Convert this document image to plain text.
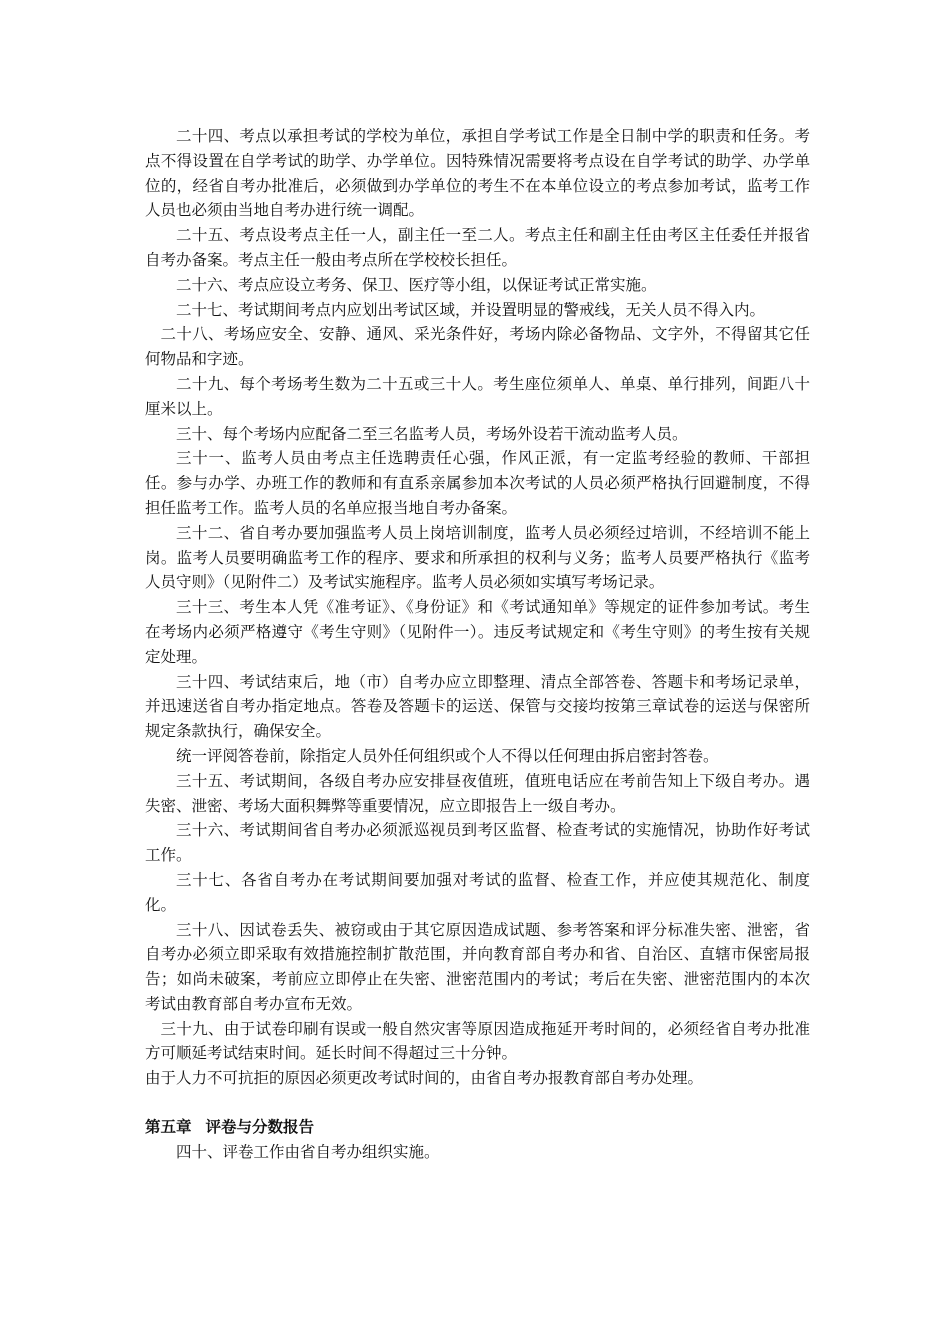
二十四、考点以承担考试的学校为单位，承担自学考试工作是全日制中学的职责和任务。考点不得设置在自学考试的助学、办学单位。因特殊情况需要将考点设在自学考试的助学、办学单位的，经省自考办批准后，必须做到办学单位的考生不在本单位设立的考点参加考试，监考工作人员也必须由当地自考办进行统一调配。

二十五、考点设考点主任一人，副主任一至二人。考点主任和副主任由考区主任委任并报省自考办备案。考点主任一般由考点所在学校校长担任。

二十六、考点应设立考务、保卫、医疗等小组，以保证考试正常实施。

二十七、考试期间考点内应划出考试区域，并设置明显的警戒线，无关人员不得入内。

二十八、考场应安全、安静、通风、采光条件好，考场内除必备物品、文字外，不得留其它任何物品和字迹。

二十九、每个考场考生数为二十五或三十人。考生座位须单人、单桌、单行排列，间距八十厘米以上。

三十、每个考场内应配备二至三名监考人员，考场外设若干流动监考人员。

三十一、监考人员由考点主任选聘责任心强，作风正派，有一定监考经验的教师、干部担任。参与办学、办班工作的教师和有直系亲属参加本次考试的人员必须严格执行回避制度，不得担任监考工作。监考人员的名单应报当地自考办备案。

三十二、省自考办要加强监考人员上岗培训制度，监考人员必须经过培训，不经培训不能上岗。监考人员要明确监考工作的程序、要求和所承担的权利与义务；监考人员要严格执行《监考人员守则》（见附件二）及考试实施程序。监考人员必须如实填写考场记录。

三十三、考生本人凭《准考证》、《身份证》和《考试通知单》等规定的证件参加考试。考生在考场内必须严格遵守《考生守则》（见附件一）。违反考试规定和《考生守则》的考生按有关规定处理。

三十四、考试结束后，地（市）自考办应立即整理、清点全部答卷、答题卡和考场记录单，并迅速送省自考办指定地点。答卷及答题卡的运送、保管与交接均按第三章试卷的运送与保密所规定条款执行，确保安全。

统一评阅答卷前，除指定人员外任何组织或个人不得以任何理由拆启密封答卷。

三十五、考试期间，各级自考办应安排昼夜值班，值班电话应在考前告知上下级自考办。遇失密、泄密、考场大面积舞弊等重要情况，应立即报告上一级自考办。

三十六、考试期间省自考办必须派巡视员到考区监督、检查考试的实施情况，协助作好考试工作。

三十七、各省自考办在考试期间要加强对考试的监督、检查工作，并应使其规范化、制度化。

三十八、因试卷丢失、被窃或由于其它原因造成试题、参考答案和评分标准失密、泄密，省自考办必须立即采取有效措施控制扩散范围，并向教育部自考办和省、自治区、直辖市保密局报告；如尚未破案，考前应立即停止在失密、泄密范围内的考试；考后在失密、泄密范围内的本次考试由教育部自考办宣布无效。

三十九、由于试卷印刷有误或一般自然灾害等原因造成拖延开考时间的，必须经省自考办批准方可顺延考试结束时间。延长时间不得超过三十分钟。

由于人力不可抗拒的原因必须更改考试时间的，由省自考办报教育部自考办处理。

第五章 评卷与分数报告

四十、评卷工作由省自考办组织实施。
